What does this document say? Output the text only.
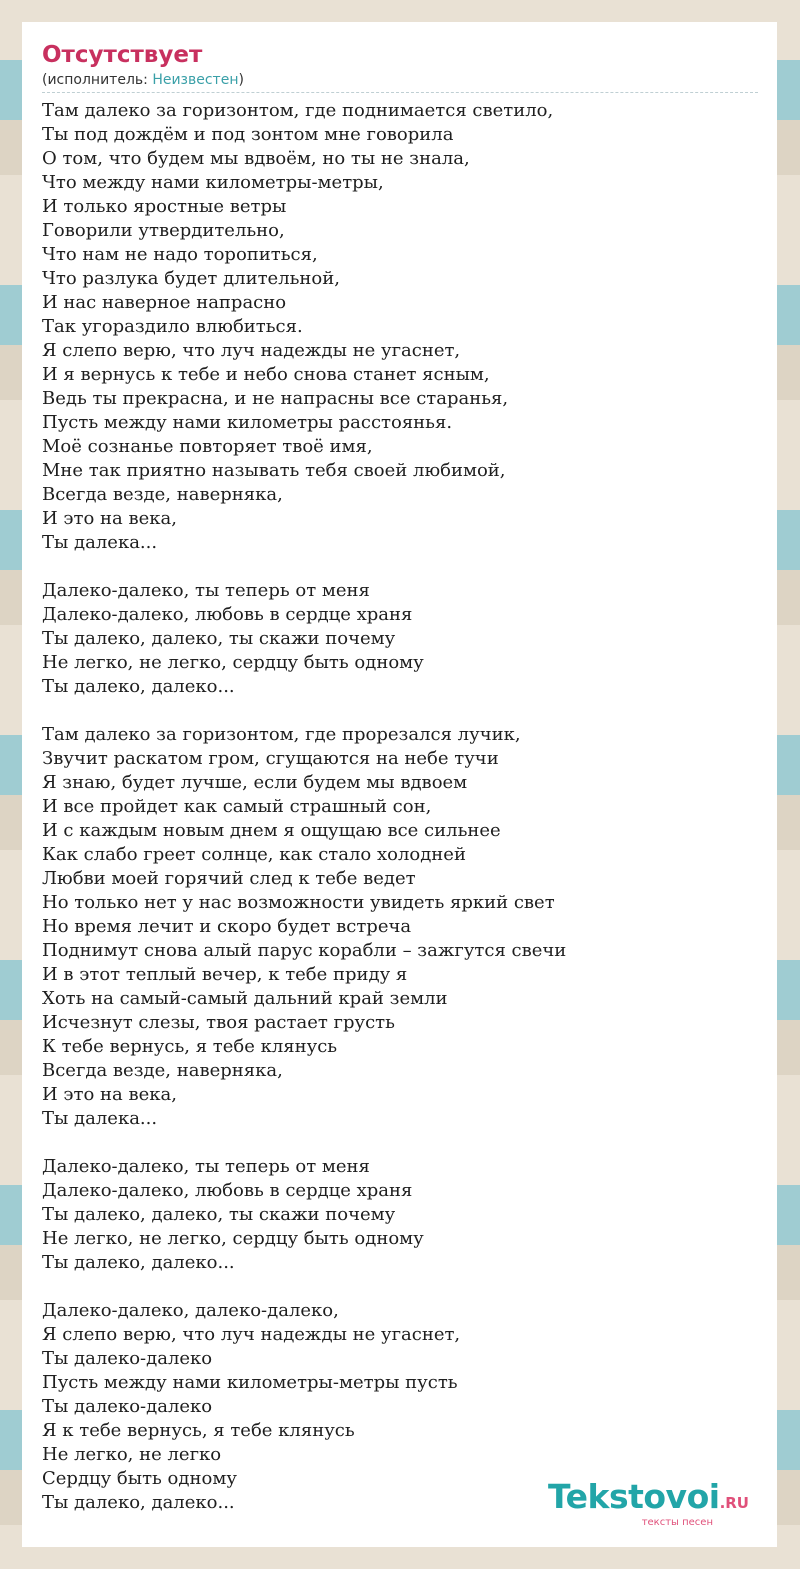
Отсутствует
(исполнитель: Неизвестен)
Там далеко за горизонтом, где поднимается светило,
Ты под дождём и под зонтом мне говорила
О том, что будем мы вдвоём, но ты не знала,
Что между нами километры-метры,
И только яростные ветры
Говорили утвердительно,
Что нам не надо торопиться,
Что разлука будет длительной,
И нас наверное напрасно
Так угораздило влюбиться.
Я слепо верю, что луч надежды не угаснет,
И я вернусь к тебе и небо снова станет ясным,
Ведь ты прекрасна, и не напрасны все старанья,
Пусть между нами километры расстоянья.
Моё сознанье повторяет твоё имя,
Мне так приятно называть тебя своей любимой,
Всегда везде, наверняка,
И это на века,
Ты далека...

Далеко-далеко, ты теперь от меня
Далеко-далеко, любовь в сердце храня
Ты далеко, далеко, ты скажи почему
Не легко, не легко, сердцу быть одному
Ты далеко, далеко...

Там далеко за горизонтом, где прорезался лучик,
Звучит раскатом гром, сгущаются на небе тучи
Я знаю, будет лучше, если будем мы вдвоем
И все пройдет как самый страшный сон,
И с каждым новым днем я ощущаю все сильнее
Как слабо греет солнце, как стало холодней
Любви моей горячий след к тебе ведет
Но только нет у нас возможности увидеть яркий свет
Но время лечит и скоро будет встреча
Поднимут снова алый парус корабли – зажгутся свечи
И в этот теплый вечер, к тебе приду я
Хоть на самый-самый дальний край земли
Исчезнут слезы, твоя растает грусть
К тебе вернусь, я тебе клянусь
Всегда везде, наверняка,
И это на века,
Ты далека...

Далеко-далеко, ты теперь от меня
Далеко-далеко, любовь в сердце храня
Ты далеко, далеко, ты скажи почему
Не легко, не легко, сердцу быть одному
Ты далеко, далеко...

Далеко-далеко, далеко-далеко,
Я слепо верю, что луч надежды не угаснет,
Ты далеко-далеко
Пусть между нами километры-метры пусть
Ты далеко-далеко
Я к тебе вернусь, я тебе клянусь
Не легко, не легко
Сердцу быть одному
Ты далеко, далеко...	Tekstovoi.RU
тексты песен
